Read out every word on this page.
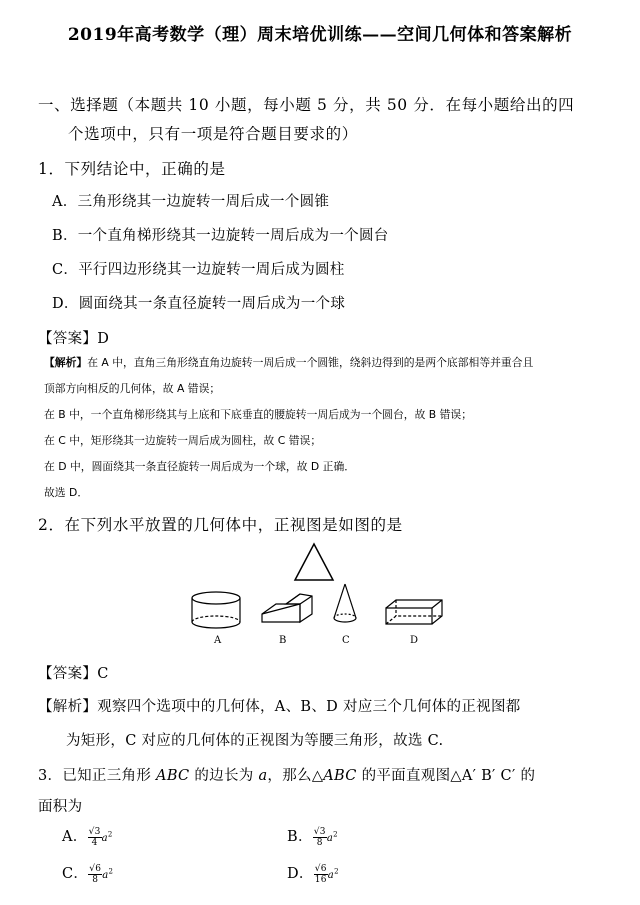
2019年高考数学（理）周末培优训练——空间几何体和答案解析
一、选择题（本题共 10 小题，每小题 5 分，共 50 分．在每小题给出的四
个选项中，只有一项是符合题目要求的）
1．下列结论中，正确的是
A．三角形绕其一边旋转一周后成一个圆锥
B．一个直角梯形绕其一边旋转一周后成为一个圆台
C．平行四边形绕其一边旋转一周后成为圆柱
D．圆面绕其一条直径旋转一周后成为一个球
【答案】D
【解析】在 A 中，直角三角形绕直角边旋转一周后成一个圆锥，绕斜边得到的是两个底部相等并重合且
顶部方向相反的几何体，故 A 错误；
在 B 中，一个直角梯形绕其与上底和下底垂直的腰旋转一周后成为一个圆台，故 B 错误；
在 C 中，矩形绕其一边旋转一周后成为圆柱，故 C 错误；
在 D 中，圆面绕其一条直径旋转一周后成为一个球，故 D 正确．
故选 D．
2．在下列水平放置的几何体中，正视图是如图的是
A	B	C	D
【答案】C
【解析】观察四个选项中的几何体，A、B、D 对应三个几何体的正视图都
为矩形，C 对应的几何体的正视图为等腰三角形，故选 C.
3．已知正三角形 ABC 的边长为 a，那么△ABC 的平面直观图△A′ B′ C′ 的
面积为
A． $\frac{√3}{4} a^2$	B． $\frac{√3}{8} a^2$
C． $\frac{√6}{8} a^2$	D． $\frac{√6}{16} a^2$
